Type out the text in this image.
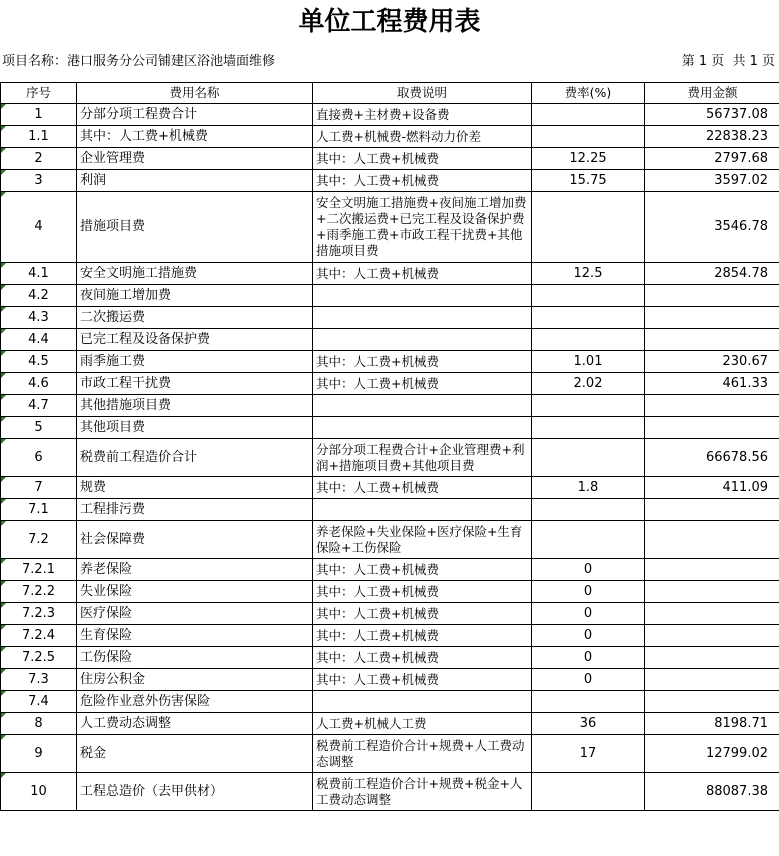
单位工程费用表
项目名称：港口服务分公司铺建区浴池墙面维修	第 1 页 共 1 页
序号	费用名称	取费说明	费率(%)	费用金额
1	分部分项工程费合计	直接费+主材费+设备费		56737.08
1.1	其中：人工费+机械费	人工费+机械费-燃料动力价差		22838.23
2	企业管理费	其中：人工费+机械费	12.25	2797.68
3	利润	其中：人工费+机械费	15.75	3597.02
4	措施项目费	安全文明施工措施费+夜间施工增加费+二次搬运费+已完工程及设备保护费+雨季施工费+市政工程干扰费+其他措施项目费		3546.78
4.1	安全文明施工措施费	其中：人工费+机械费	12.5	2854.78
4.2	夜间施工增加费			
4.3	二次搬运费			
4.4	已完工程及设备保护费			
4.5	雨季施工费	其中：人工费+机械费	1.01	230.67
4.6	市政工程干扰费	其中：人工费+机械费	2.02	461.33
4.7	其他措施项目费			
5	其他项目费			
6	税费前工程造价合计	分部分项工程费合计+企业管理费+利润+措施项目费+其他项目费		66678.56
7	规费	其中：人工费+机械费	1.8	411.09
7.1	工程排污费			
7.2	社会保障费	养老保险+失业保险+医疗保险+生育保险+工伤保险		
7.2.1	养老保险	其中：人工费+机械费	0	
7.2.2	失业保险	其中：人工费+机械费	0	
7.2.3	医疗保险	其中：人工费+机械费	0	
7.2.4	生育保险	其中：人工费+机械费	0	
7.2.5	工伤保险	其中：人工费+机械费	0	
7.3	住房公积金	其中：人工费+机械费	0	
7.4	危险作业意外伤害保险			
8	人工费动态调整	人工费+机械人工费	36	8198.71
9	税金	税费前工程造价合计+规费+人工费动态调整	17	12799.02
10	工程总造价（去甲供材）	税费前工程造价合计+规费+税金+人工费动态调整		88087.38
